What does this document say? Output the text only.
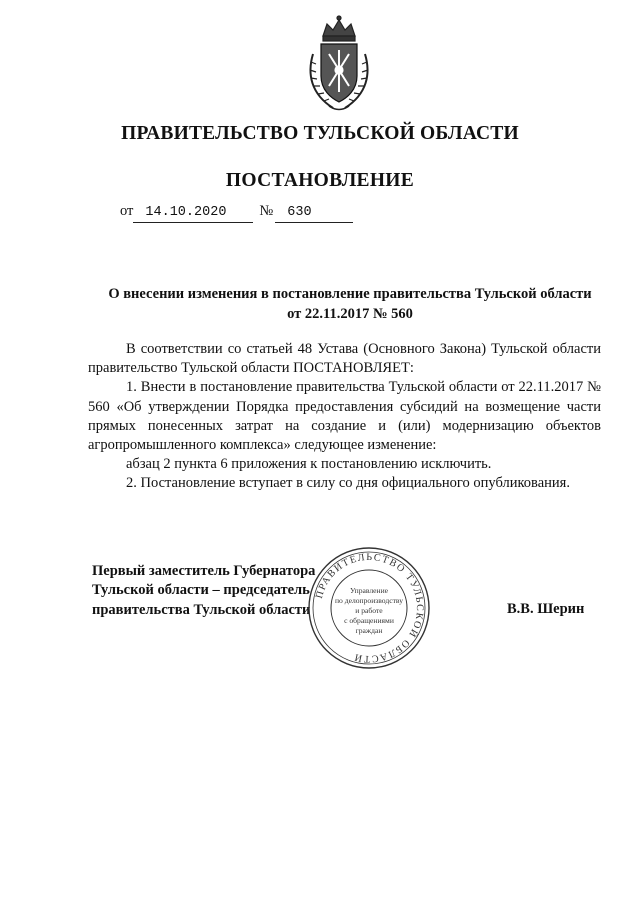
ПРАВИТЕЛЬСТВО ТУЛЬСКОЙ ОБЛАСТИ
ПОСТАНОВЛЕНИЕ
от 14.10.2020 № 630
О внесении изменения в постановление правительства Тульской области
от 22.11.2017 № 560

В соответствии со статьей 48 Устава (Основного Закона) Тульской области правительство Тульской области ПОСТАНОВЛЯЕТ:

1. Внести в постановление правительства Тульской области от 22.11.2017 № 560 «Об утверждении Порядка предоставления субсидий на возмещение части прямых понесенных затрат на создание и (или) модернизацию объектов агропромышленного комплекса» следующее изменение:

абзац 2 пункта 6 приложения к постановлению исключить.

2. Постановление вступает в силу со дня официального опубликования.

Первый заместитель Губернатора
Тульской области – председатель
правительства Тульской области	В.В. Шерин
ПРАВИТЕЛЬСТВО ТУЛЬСКОЙ ОБЛАСТИ
Управление
по делопроизводству
и работе
с обращениями
граждан
